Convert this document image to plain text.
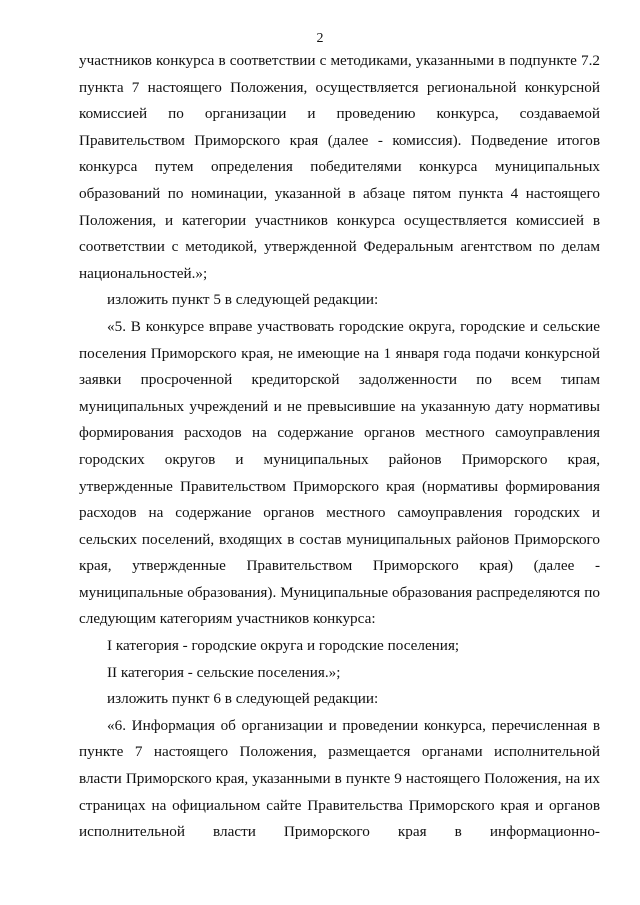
2

участников конкурса в соответствии с методиками, указанными в подпункте 7.2 пункта 7 настоящего Положения, осуществляется региональной конкурсной комиссией по организации и проведению конкурса, создаваемой Правительством Приморского края (далее - комиссия). Подведение итогов конкурса путем определения победителями конкурса муниципальных образований по номинации, указанной в абзаце пятом пункта 4 настоящего Положения, и категории участников конкурса осуществляется комиссией в соответствии с методикой, утвержденной Федеральным агентством по делам национальностей.»;

изложить пункт 5 в следующей редакции:

«5. В конкурсе вправе участвовать городские округа, городские и сельские поселения Приморского края, не имеющие на 1 января года подачи конкурсной заявки просроченной кредиторской задолженности по всем типам муниципальных учреждений и не превысившие на указанную дату нормативы формирования расходов на содержание органов местного самоуправления городских округов и муниципальных районов Приморского края, утвержденные Правительством Приморского края (нормативы формирования расходов на содержание органов местного самоуправления городских и сельских поселений, входящих в состав муниципальных районов Приморского края, утвержденные Правительством Приморского края) (далее - муниципальные образования). Муниципальные образования распределяются по следующим категориям участников конкурса:

I категория - городские округа и городские поселения;

II категория - сельские поселения.»;

изложить пункт 6 в следующей редакции:

«6. Информация об организации и проведении конкурса, перечисленная в пункте 7 настоящего Положения, размещается органами исполнительной власти Приморского края, указанными в пункте 9 настоящего Положения, на их страницах на официальном сайте Правительства Приморского края и органов исполнительной власти Приморского края в информационно-
